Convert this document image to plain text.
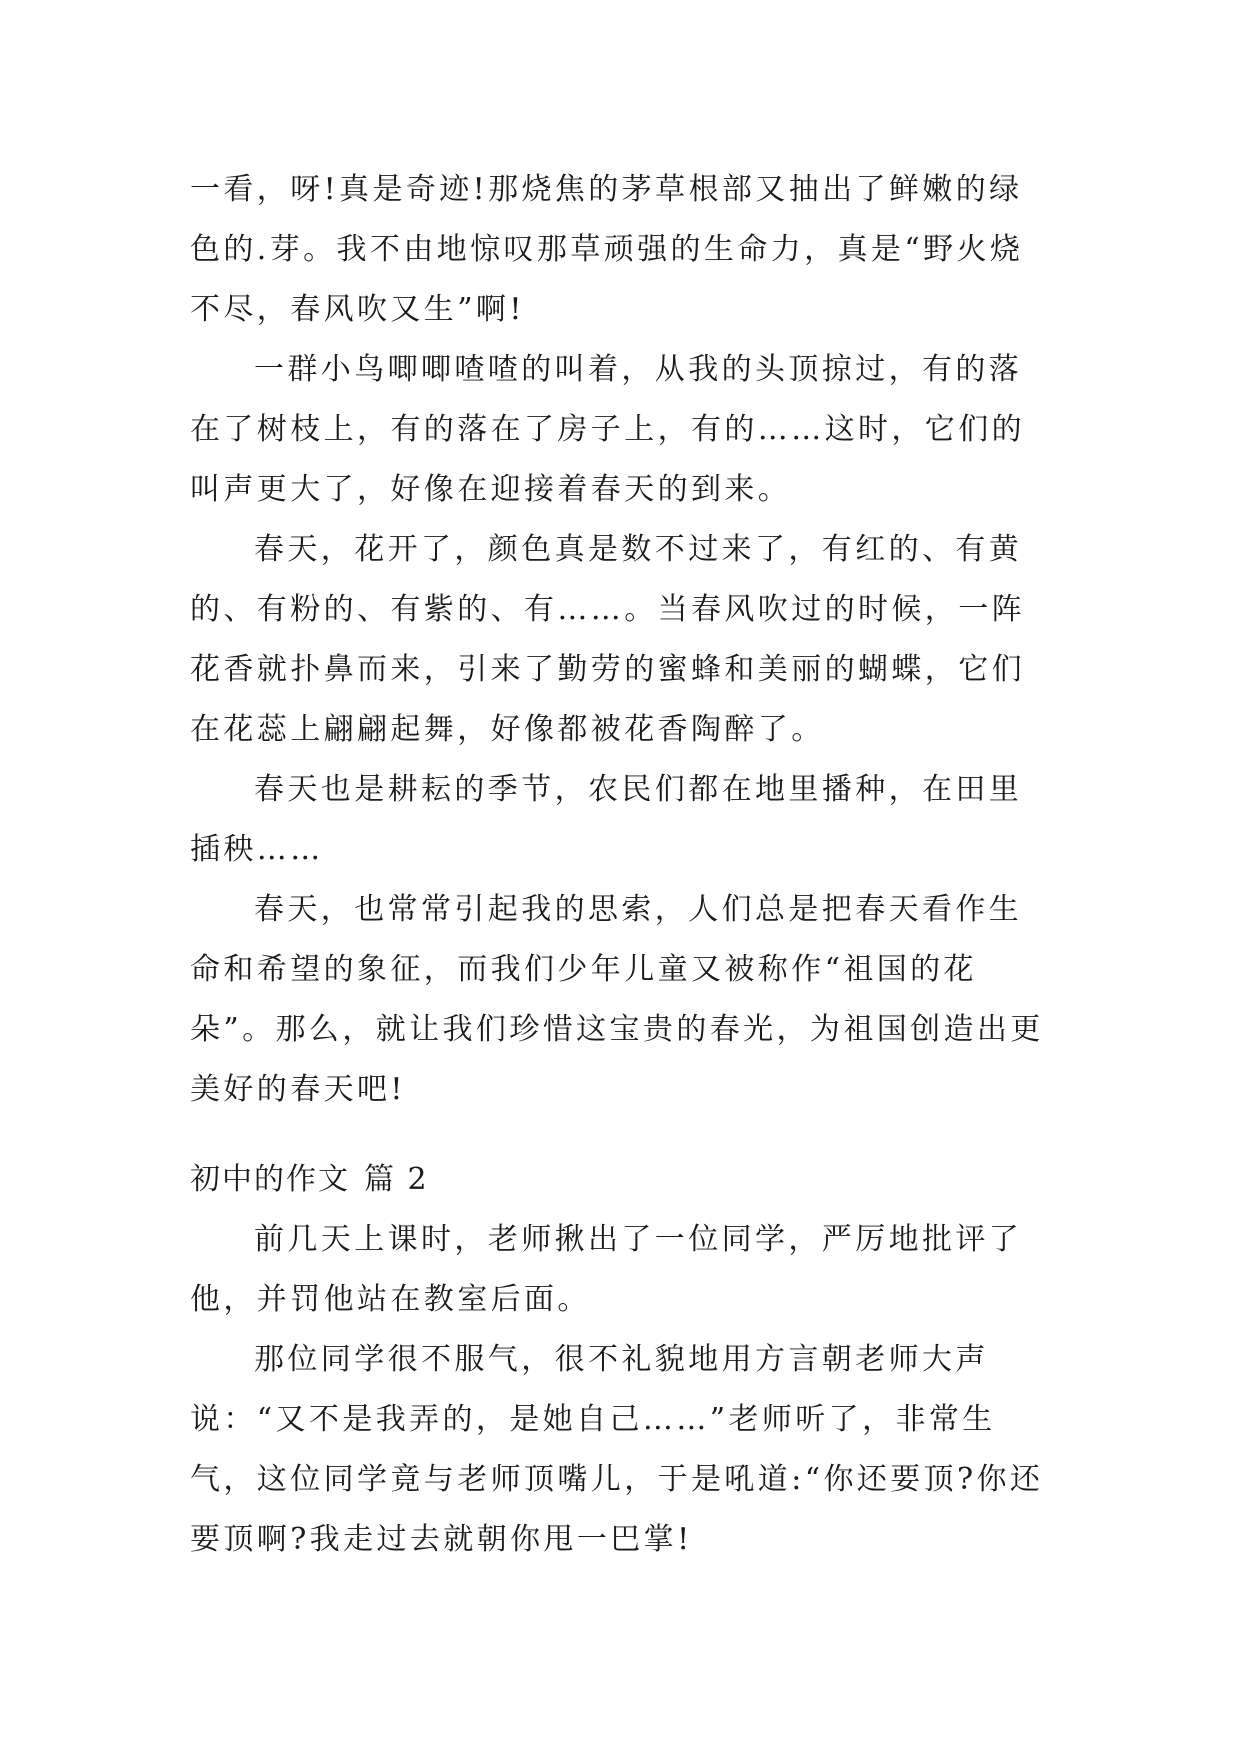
一看，呀!真是奇迹!那烧焦的茅草根部又抽出了鲜嫩的绿色的.芽。我不由地惊叹那草顽强的生命力，真是“野火烧不尽，春风吹又生”啊!

一群小鸟唧唧喳喳的叫着，从我的头顶掠过，有的落在了树枝上，有的落在了房子上，有的……这时，它们的叫声更大了，好像在迎接着春天的到来。

春天，花开了，颜色真是数不过来了，有红的、有黄的、有粉的、有紫的、有……。当春风吹过的时候，一阵花香就扑鼻而来，引来了勤劳的蜜蜂和美丽的蝴蝶，它们在花蕊上翩翩起舞，好像都被花香陶醉了。

春天也是耕耘的季节，农民们都在地里播种，在田里插秧……

春天，也常常引起我的思索，人们总是把春天看作生命和希望的象征，而我们少年儿童又被称作“祖国的花朵”。那么，就让我们珍惜这宝贵的春光，为祖国创造出更美好的春天吧!

初中的作文 篇 2

前几天上课时，老师揪出了一位同学，严厉地批评了他，并罚他站在教室后面。

那位同学很不服气，很不礼貌地用方言朝老师大声说：“又不是我弄的，是她自己……”老师听了，非常生气，这位同学竟与老师顶嘴儿，于是吼道:“你还要顶?你还要顶啊?我走过去就朝你甩一巴掌!
